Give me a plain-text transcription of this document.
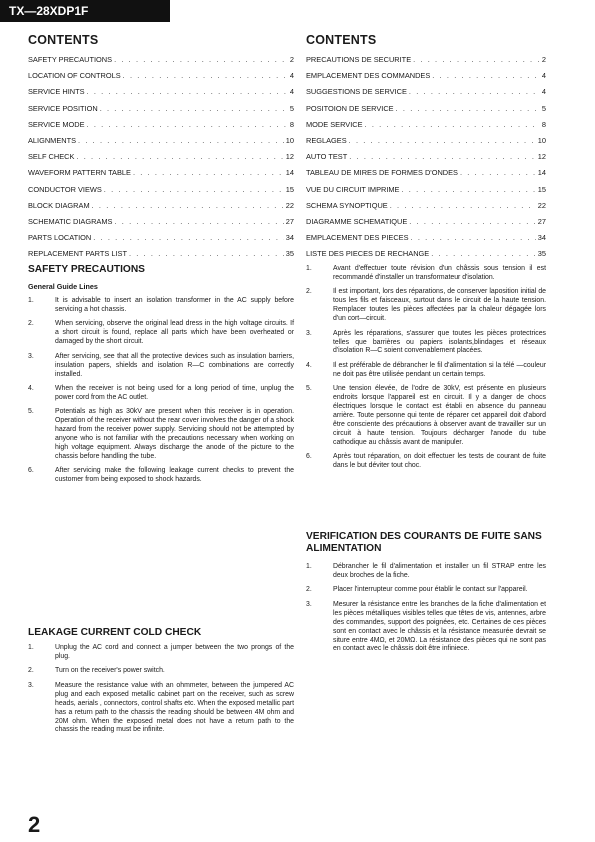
TX—28XDP1F
CONTENTS
SAFETY PRECAUTIONS . . .	2
LOCATION OF CONTROLS . . .	4
SERVICE HINTS . . .	4
SERVICE POSITION . . .	5
SERVICE MODE . . .	8
ALIGNMENTS . . .	10
SELF CHECK . . .	12
WAVEFORM PATTERN TABLE . . .	14
CONDUCTOR VIEWS . . .	15
BLOCK DIAGRAM . . .	22
SCHEMATIC DIAGRAMS . . .	27
PARTS LOCATION . . .	34
REPLACEMENT PARTS LIST . . .	35
SAFETY PRECAUTIONS
General Guide Lines
1.	It is advisable to insert an isolation transformer in the AC supply before servicing a hot chassis.
2.	When servicing, observe the original lead dress in the high voltage circuits. If a short circuit is found, replace all parts which have been overheated or damaged by the short circuit.
3.	After servicing, see that all the protective devices such as insulation barriers, insulation papers, shields and isolation R—C combinations are correctly installed.
4.	When the receiver is not being used for a long period of time, unplug the power cord from the AC outlet.
5.	Potentials as high as 30kV are present when this receiver is in operation. Operation of the receiver without the rear cover involves the danger of a shock hazard from the receiver power supply. Servicing should not be attempted by anyone who is not familiar with the precautions necessary when working on high voltage equipment. Always discharge the anode of the picture to the chassis before handling the tube.
6.	After servicing make the following leakage current checks to prevent the customer from being exposed to shock hazards.
LEAKAGE CURRENT COLD CHECK
1.	Unplug the AC cord and connect a jumper between the two prongs of the plug.
2.	Turn on the receiver's power switch.
3.	Measure the resistance value with an ohmmeter, between the jumpered AC plug and each exposed metallic cabinet part on the receiver, such as screw heads, aerials , connectors, control shafts etc. When the exposed metallic part has a return path to the chassis the reading should be between 4M ohm and 20M ohm. When the exposed metal does not have a return path to the chassis the reading must be infinite.
CONTENTS
PRECAUTIONS DE SECURITE . . .	2
EMPLACEMENT DES COMMANDES . . .	4
SUGGESTIONS DE SERVICE . . .	4
POSITOION DE SERVICE . . .	5
MODE SERVICE . . .	8
REGLAGES . . .	10
AUTO TEST . . .	12
TABLEAU DE MIRES DE FORMES D'ONDES . . .	14
VUE DU CIRCUIT IMPRIME . . .	15
SCHEMA SYNOPTIQUE . . .	22
DIAGRAMME SCHEMATIQUE . . .	27
EMPLACEMENT DES PIECES . . .	34
LISTE DES PIECES DE RECHANGE . . .	35
1.	Avant d'effectuer toute révision d'un châssis sous tension il est recommandé d'installer un transformateur d'isolation.
2.	Il est important, lors des réparations, de conserver laposition initial de tous les fils et faisceaux, surtout dans le circuit de la haute tension. Remplacer toutes les pièces affectées par la chaleur dégagée lors d'un cort—circuit.
3.	Après les réparations, s'assurer que toutes les pièces protectrices telles que barrières ou papiers isolants,blindages et réseaux d'isolation R—C soient convenablement placées.
4.	Il est préférable de débrancher le fil d'alimentation si la télé —couleur ne doit pas être utilisée pendant un certain temps.
5.	Une tension élevée, de l'odre de 30kV, est présente en plusieurs endroits lorsque l'appareil est en circuit. Il y a danger de chocs électriques lorsque le contact est établi en absence du panneau arrière. Toute personne qui tente de réparer cet appareil doit d'abord être consciente des précautions à observer avant de travailler sur un circuit à haute tension. Toujours décharger l'anode du tube cathodique au châssis avant de manipuler.
6.	Après tout réparation, on doit effectuer les tests de courant de fuite dans le but déviter tout choc.
VERIFICATION DES COURANTS DE FUITE SANS ALIMENTATION
1.	Débrancher le fil d'alimentation et installer un fil STRAP entre les deux broches de la fiche.
2.	Placer l'interrupteur comme pour établir le contact sur l'appareil.
3.	Mesurer la résistance entre les branches de la fiche d'alimentation et les pièces métalliques visibles telles que têtes de vis, antennes, arbre des commandes, support des poignées, etc. Certaines de ces pièces sont en contact avec le châssis et la résistance measurée devrait se siture entre 4MΩ, et 20MΩ. La résistance des pièces qui ne sont pas en contact avec le châssis doit être infiniece.
2
